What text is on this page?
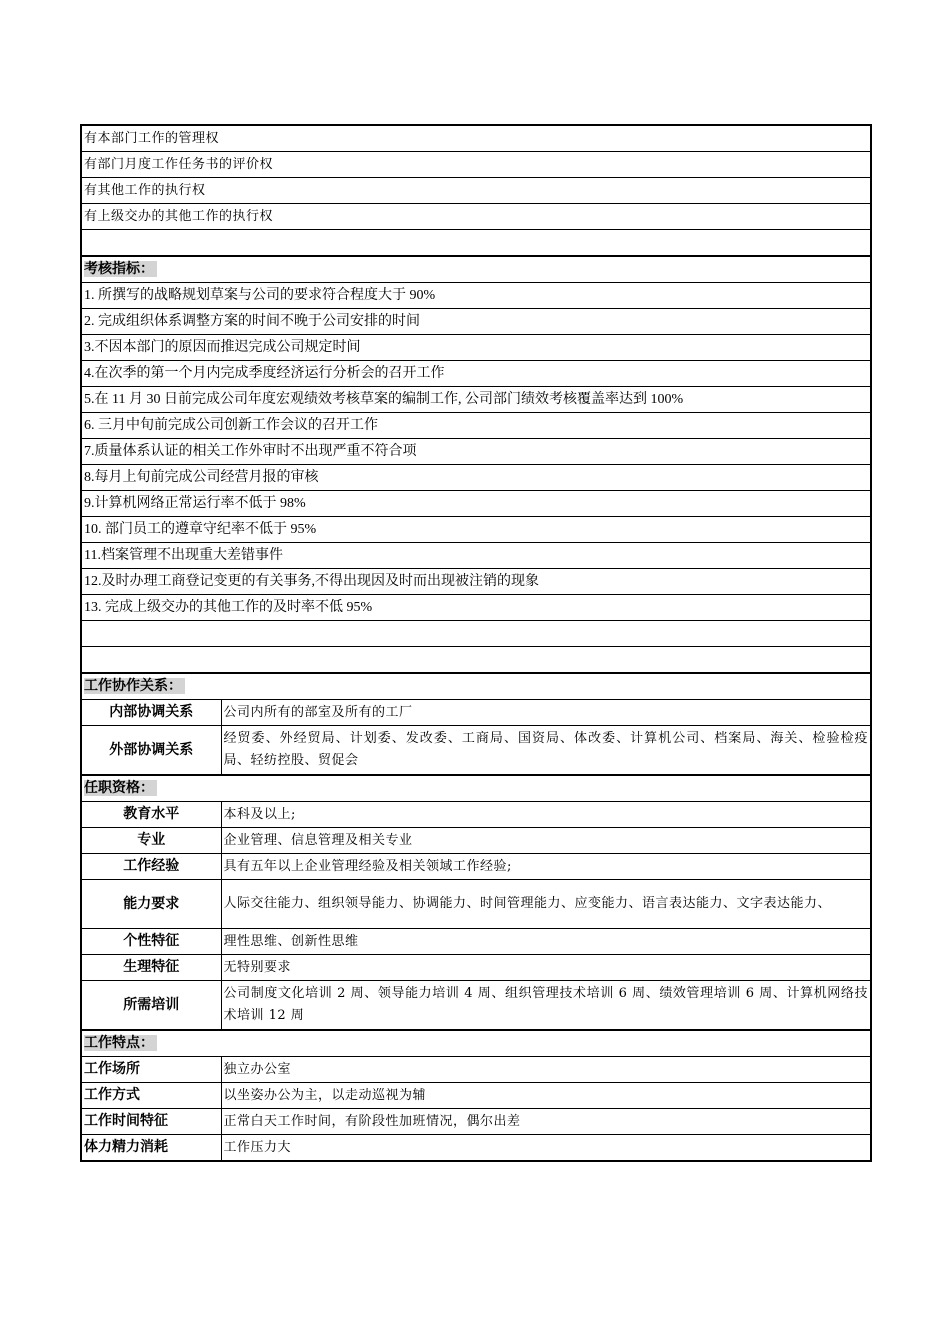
有本部门工作的管理权	
有部门月度工作任务书的评价权	
有其他工作的执行权	
有上级交办的其他工作的执行权	

考核指标：	
1. 所撰写的战略规划草案与公司的要求符合程度大于 90%	
2. 完成组织体系调整方案的时间不晚于公司安排的时间	
3.不因本部门的原因而推迟完成公司规定时间	
4.在次季的第一个月内完成季度经济运行分析会的召开工作	
5.在 11 月 30 日前完成公司年度宏观绩效考核草案的编制工作, 公司部门绩效考核覆盖率达到 100%	
6. 三月中旬前完成公司创新工作会议的召开工作	
7.质量体系认证的相关工作外审时不出现严重不符合项	
8.每月上旬前完成公司经营月报的审核	
9.计算机网络正常运行率不低于 98%	
10. 部门员工的遵章守纪率不低于 95%	
11.档案管理不出现重大差错事件	
12.及时办理工商登记变更的有关事务,不得出现因及时而出现被注销的现象	
13. 完成上级交办的其他工作的及时率不低 95%	

工作协作关系：	
内部协调关系	公司内所有的部室及所有的工厂
外部协调关系	经贸委、外经贸局、计划委、发改委、工商局、国资局、体改委、计算机公司、档案局、海关、检验检疫局、轻纺控股、贸促会
任职资格：	
教育水平	本科及以上;
专业	企业管理、信息管理及相关专业
工作经验	具有五年以上企业管理经验及相关领域工作经验;
能力要求	人际交往能力、组织领导能力、协调能力、时间管理能力、应变能力、语言表达能力、文字表达能力、
个性特征	理性思维、创新性思维
生理特征	无特别要求
所需培训	公司制度文化培训 2 周、领导能力培训 4 周、组织管理技术培训 6 周、绩效管理培训 6 周、计算机网络技术培训 12 周
工作特点：	
工作场所	独立办公室
工作方式	以坐姿办公为主，以走动巡视为辅
工作时间特征	正常白天工作时间，有阶段性加班情况，偶尔出差
体力精力消耗	工作压力大
